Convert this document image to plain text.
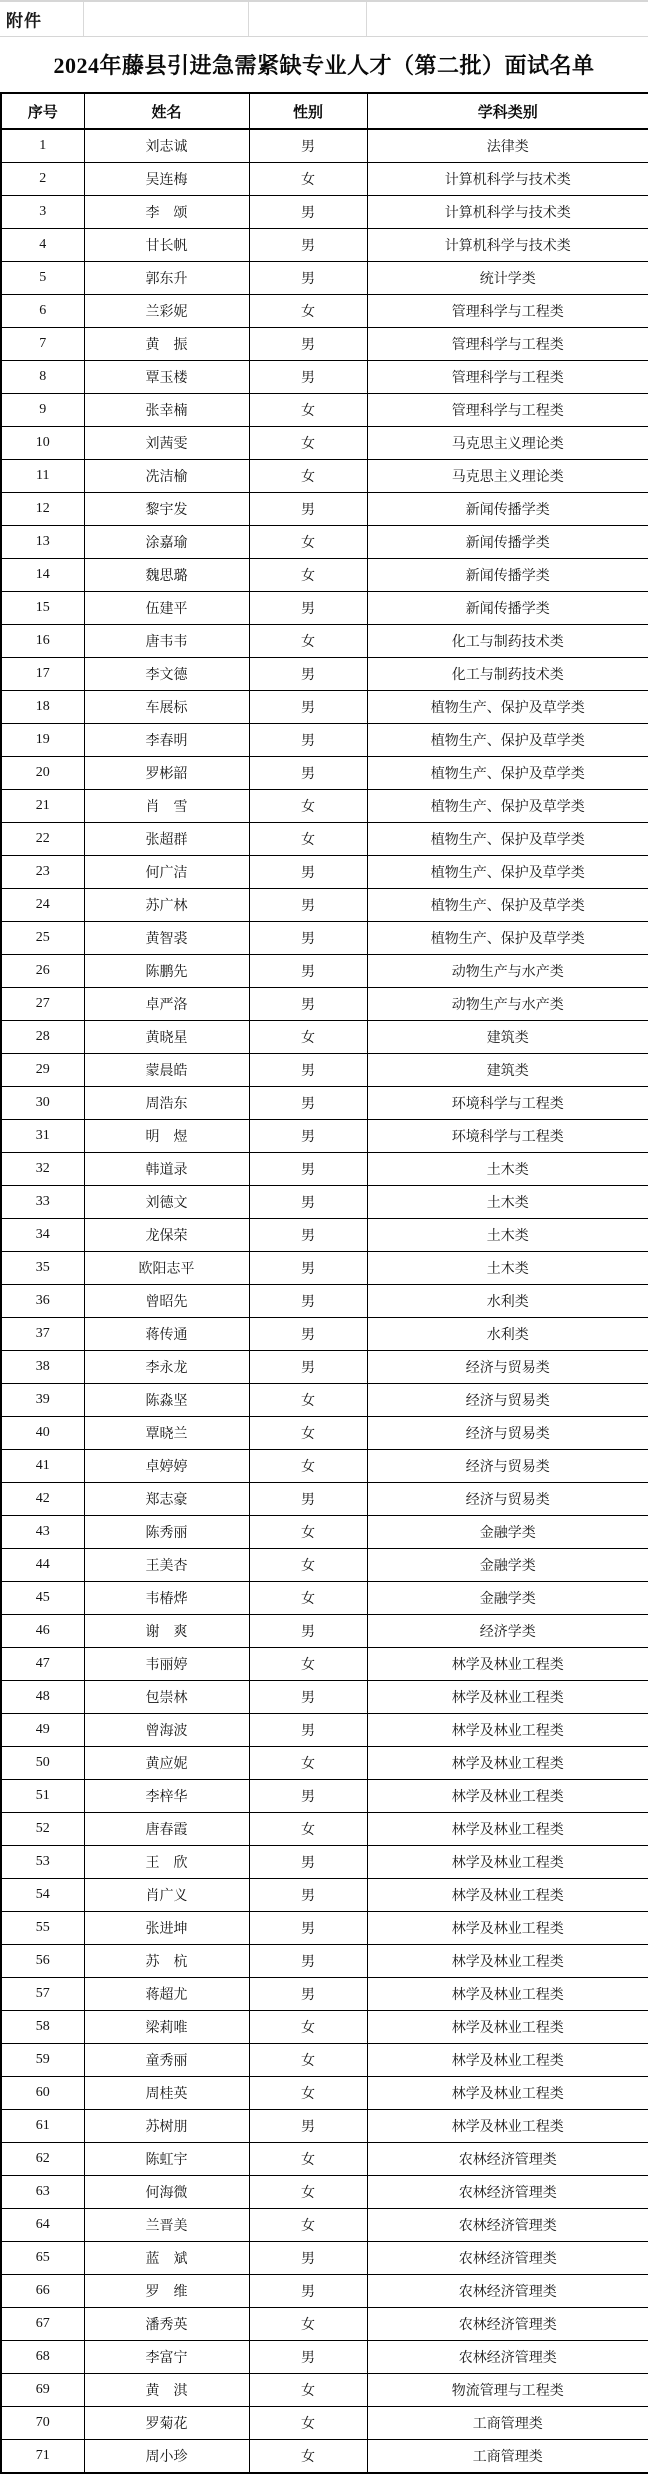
附件
2024年藤县引进急需紧缺专业人才（第二批）面试名单
序号	姓名	性别	学科类别
1	刘志诚	男	法律类
2	吴连梅	女	计算机科学与技术类
3	李　颂	男	计算机科学与技术类
4	甘长帆	男	计算机科学与技术类
5	郭东升	男	统计学类
6	兰彩妮	女	管理科学与工程类
7	黄　振	男	管理科学与工程类
8	覃玉楼	男	管理科学与工程类
9	张幸楠	女	管理科学与工程类
10	刘茜雯	女	马克思主义理论类
11	冼洁榆	女	马克思主义理论类
12	黎宇发	男	新闻传播学类
13	涂嘉瑜	女	新闻传播学类
14	魏思璐	女	新闻传播学类
15	伍建平	男	新闻传播学类
16	唐韦韦	女	化工与制药技术类
17	李文德	男	化工与制药技术类
18	车展标	男	植物生产、保护及草学类
19	李春明	男	植物生产、保护及草学类
20	罗彬韶	男	植物生产、保护及草学类
21	肖　雪	女	植物生产、保护及草学类
22	张超群	女	植物生产、保护及草学类
23	何广洁	男	植物生产、保护及草学类
24	苏广林	男	植物生产、保护及草学类
25	黄智裘	男	植物生产、保护及草学类
26	陈鹏先	男	动物生产与水产类
27	卓严洛	男	动物生产与水产类
28	黄晓星	女	建筑类
29	蒙晨皓	男	建筑类
30	周浩东	男	环境科学与工程类
31	明　煜	男	环境科学与工程类
32	韩道录	男	土木类
33	刘德文	男	土木类
34	龙保荣	男	土木类
35	欧阳志平	男	土木类
36	曾昭先	男	水利类
37	蒋传通	男	水利类
38	李永龙	男	经济与贸易类
39	陈淼坚	女	经济与贸易类
40	覃晓兰	女	经济与贸易类
41	卓婷婷	女	经济与贸易类
42	郑志豪	男	经济与贸易类
43	陈秀丽	女	金融学类
44	王美杏	女	金融学类
45	韦椿烨	女	金融学类
46	谢　爽	男	经济学类
47	韦丽婷	女	林学及林业工程类
48	包崇林	男	林学及林业工程类
49	曾海波	男	林学及林业工程类
50	黄应妮	女	林学及林业工程类
51	李梓华	男	林学及林业工程类
52	唐春霞	女	林学及林业工程类
53	王　欣	男	林学及林业工程类
54	肖广义	男	林学及林业工程类
55	张进坤	男	林学及林业工程类
56	苏　杭	男	林学及林业工程类
57	蒋超尤	男	林学及林业工程类
58	梁莉唯	女	林学及林业工程类
59	童秀丽	女	林学及林业工程类
60	周桂英	女	林学及林业工程类
61	苏树朋	男	林学及林业工程类
62	陈虹宇	女	农林经济管理类
63	何海微	女	农林经济管理类
64	兰晋美	女	农林经济管理类
65	蓝　斌	男	农林经济管理类
66	罗　维	男	农林经济管理类
67	潘秀英	女	农林经济管理类
68	李富宁	男	农林经济管理类
69	黄　淇	女	物流管理与工程类
70	罗菊花	女	工商管理类
71	周小珍	女	工商管理类
